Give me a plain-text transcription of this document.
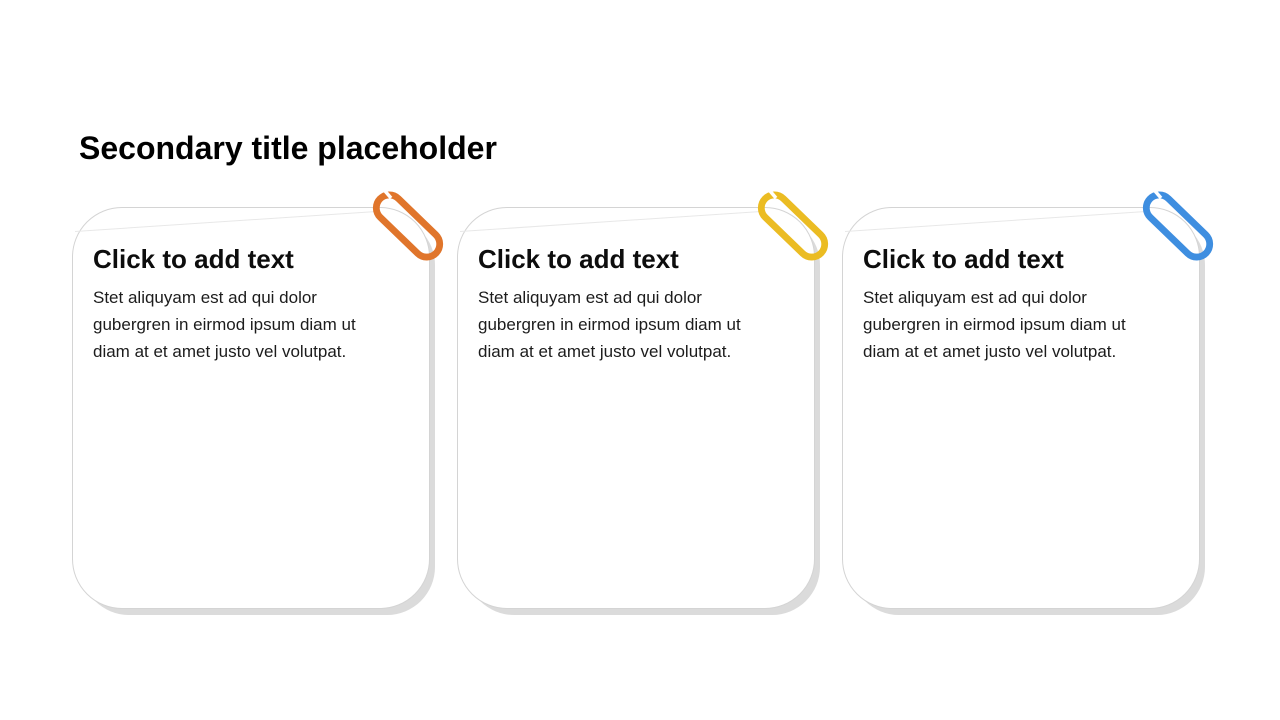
Secondary title placeholder
Click to add text

Stet aliquyam est ad qui dolor gubergren in eirmod ipsum diam ut diam at et amet justo vel volutpat.

Click to add text

Stet aliquyam est ad qui dolor gubergren in eirmod ipsum diam ut diam at et amet justo vel volutpat.

Click to add text

Stet aliquyam est ad qui dolor gubergren in eirmod ipsum diam ut diam at et amet justo vel volutpat.
